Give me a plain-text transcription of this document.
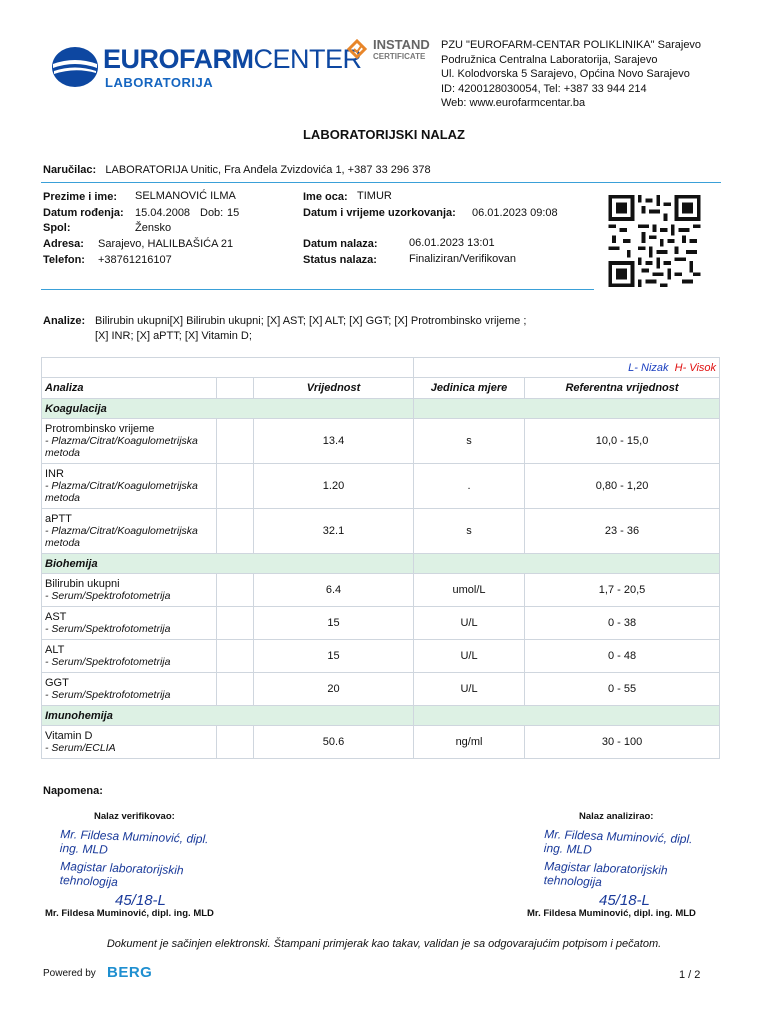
EUROFARMCENTER
LABORATORIJA
INSTAND
CERTIFICATE

PZU "EUROFARM-CENTAR POLIKLINIKA" Sarajevo

Podružnica Centralna Laboratorija, Sarajevo

Ul. Kolodvorska 5 Sarajevo, Općina Novo Sarajevo

ID: 4200128030054, Tel: +387 33 944 214

Web: www.eurofarmcentar.ba

LABORATORIJSKI NALAZ
Naručilac: LABORATORIJA Unitic, Fra Anđela Zvizdovića 1, +387 33 296 378
Prezime i ime: SELMANOVIĆ ILMA
Datum rođenja: 15.04.2008 Dob: 15
Spol:	Žensko
Adresa: Sarajevo, HALILBAŠIĆA 21
Telefon: +38761216107
Ime oca: TIMUR
Datum i vrijeme uzorkovanja: 06.01.2023 09:08
Datum nalaza:	06.01.2023 13:01
Status nalaza:	Finaliziran/Verifikovan
Analize: Bilirubin ukupni[X] Bilirubin ukupni; [X] AST; [X] ALT; [X] GGT; [X] Protrombinsko vrijeme ;
[X] INR; [X] aPTT; [X] Vitamin D;
			L- Nizak H- Visok	
Analiza		Vrijednost	Jedinica mjere	Referentna vrijednost
Koagulacija				

Protrombinsko vrijeme
- Plazma/Citrat/Koagulometrijska
metoda		13.4	s	10,0 - 15,0

INR
- Plazma/Citrat/Koagulometrijska
metoda		1.20	.	0,80 - 1,20

aPTT
- Plazma/Citrat/Koagulometrijska
metoda		32.1	s	23 - 36
Biohemija				

Bilirubin ukupni
- Serum/Spektrofotometrija		6.4	umol/L	1,7 - 20,5

AST
- Serum/Spektrofotometrija		15	U/L	0 - 38

ALT
- Serum/Spektrofotometrija		15	U/L	0 - 48

GGT
- Serum/Spektrofotometrija		20	U/L	0 - 55
Imunohemija				

Vitamin D
- Serum/ECLIA		50.6	ng/ml	30 - 100
Napomena:
Nalaz verifikovao:	Nalaz analizirao:
Mr. Fildesa Muminović, dipl. ing. MLD
Magistar laboratorijskih tehnologija
45/18-L
Mr. Fildesa Muminović, dipl. ing. MLD
Magistar laboratorijskih tehnologija
45/18-L
Mr. Fildesa Muminović, dipl. ing. MLD	Mr. Fildesa Muminović, dipl. ing. MLD
Dokument je sačinjen elektronski. Štampani primjerak kao takav, validan je sa odgovarajućim potpisom i pečatom.
Powered by BERG	1 / 2
